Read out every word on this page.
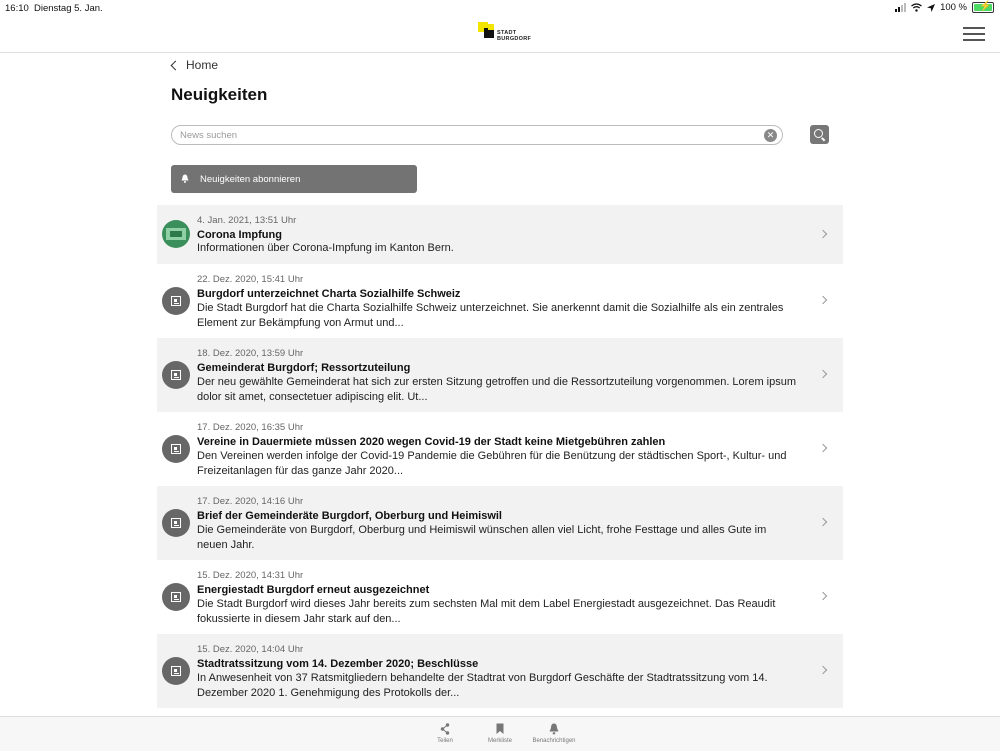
16:10 Dienstag 5. Jan.	100 % ⚡
STADT
BURGDORF
Home
Neuigkeiten
News suchen
✕
Neuigkeiten abonnieren
4. Jan. 2021, 13:51 Uhr
Corona Impfung
Informationen über Corona-Impfung im Kanton Bern.
22. Dez. 2020, 15:41 Uhr
Burgdorf unterzeichnet Charta Sozialhilfe Schweiz
Die Stadt Burgdorf hat die Charta Sozialhilfe Schweiz unterzeichnet. Sie anerkennt damit die Sozialhilfe als ein zentrales Element zur Bekämpfung von Armut und...
18. Dez. 2020, 13:59 Uhr
Gemeinderat Burgdorf; Ressortzuteilung
Der neu gewählte Gemeinderat hat sich zur ersten Sitzung getroffen und die Ressortzuteilung vorgenommen. Lorem ipsum dolor sit amet, consectetuer adipiscing elit. Ut...
17. Dez. 2020, 16:35 Uhr
Vereine in Dauermiete müssen 2020 wegen Covid-19 der Stadt keine Mietgebühren zahlen
Den Vereinen werden infolge der Covid-19 Pandemie die Gebühren für die Benützung der städtischen Sport-, Kultur- und Freizeitanlagen für das ganze Jahr 2020...
17. Dez. 2020, 14:16 Uhr
Brief der Gemeinderäte Burgdorf, Oberburg und Heimiswil
Die Gemeinderäte von Burgdorf, Oberburg und Heimiswil wünschen allen viel Licht, frohe Festtage und alles Gute im neuen Jahr.
15. Dez. 2020, 14:31 Uhr
Energiestadt Burgdorf erneut ausgezeichnet
Die Stadt Burgdorf wird dieses Jahr bereits zum sechsten Mal mit dem Label Energiestadt ausgezeichnet. Das Reaudit fokussierte in diesem Jahr stark auf den...
15. Dez. 2020, 14:04 Uhr
Stadtratssitzung vom 14. Dezember 2020; Beschlüsse
In Anwesenheit von 37 Ratsmitgliedern behandelte der Stadtrat von Burgdorf Geschäfte der Stadtratssitzung vom 14. Dezember 2020 1. Genehmigung des Protokolls der...
Teilen	Merkliste	Benachrichtigen
